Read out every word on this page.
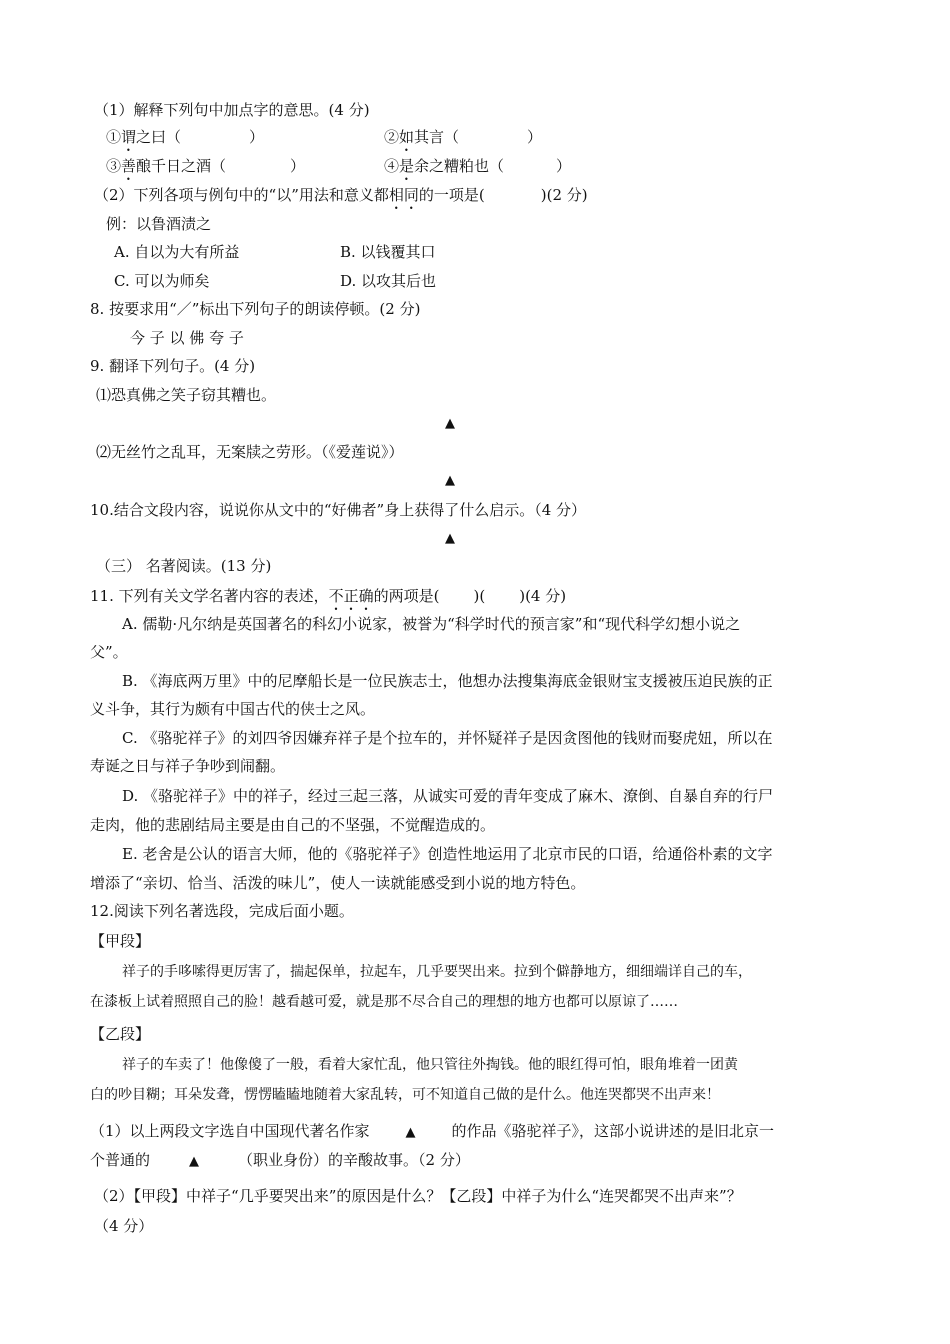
（1）解释下列句中加点字的意思。(4 分)
①谓之曰（	）	②如其言（	）
③善酿千日之酒（	）	④是余之糟粕也（	）
（2）下列各项与例句中的“以”用法和意义都相同的一项是(	)(2 分)
例：以鲁酒渍之
A. 自以为大有所益	B. 以钱覆其口
C. 可以为师矣	D. 以攻其后也
8. 按要求用“／”标出下列句子的朗读停顿。(2 分)
今 子 以 佛 夸 子
9. 翻译下列句子。(4 分)
⑴恐真佛之笑子窃其糟也。
▲
⑵无丝竹之乱耳，无案牍之劳形。（《爱莲说》）
▲
10.结合文段内容，说说你从文中的“好佛者”身上获得了什么启示。（4 分）
▲
（三） 名著阅读。(13 分)
11. 下列有关文学名著内容的表述，不正确的两项是( )( )(4 分)
A. 儒勒·凡尔纳是英国著名的科幻小说家，被誉为“科学时代的预言家”和“现代科学幻想小说之
父”。
B. 《海底两万里》中的尼摩船长是一位民族志士，他想办法搜集海底金银财宝支援被压迫民族的正
义斗争，其行为颇有中国古代的侠士之风。
C. 《骆驼祥子》的刘四爷因嫌弃祥子是个拉车的，并怀疑祥子是因贪图他的钱财而娶虎妞，所以在
寿诞之日与祥子争吵到闹翻。
D. 《骆驼祥子》中的祥子，经过三起三落，从诚实可爱的青年变成了麻木、潦倒、自暴自弃的行尸
走肉，他的悲剧结局主要是由自己的不坚强，不觉醒造成的。
E. 老舍是公认的语言大师，他的《骆驼祥子》创造性地运用了北京市民的口语，给通俗朴素的文字
增添了“亲切、恰当、活泼的味儿”，使人一读就能感受到小说的地方特色。
12.阅读下列名著选段，完成后面小题。
【甲段】
祥子的手哆嗦得更厉害了，揣起保单，拉起车，几乎要哭出来。拉到个僻静地方，细细端详自己的车，
在漆板上试着照照自己的脸！越看越可爱，就是那不尽合自己的理想的地方也都可以原谅了……
【乙段】
祥子的车卖了！他像傻了一般，看着大家忙乱，他只管往外掏钱。他的眼红得可怕，眼角堆着一团黄
白的吵目糊；耳朵发聋，愣愣瞌瞌地随着大家乱转，可不知道自己做的是什么。他连哭都哭不出声来！
（1）以上两段文字选自中国现代著名作家	▲ 的作品《骆驼祥子》，这部小说讲述的是旧北京一
个普通的	▲	（职业身份）的辛酸故事。（2 分）
（2）【甲段】中祥子“几乎要哭出来”的原因是什么？【乙段】中祥子为什么“连哭都哭不出声来”？
（4 分）
